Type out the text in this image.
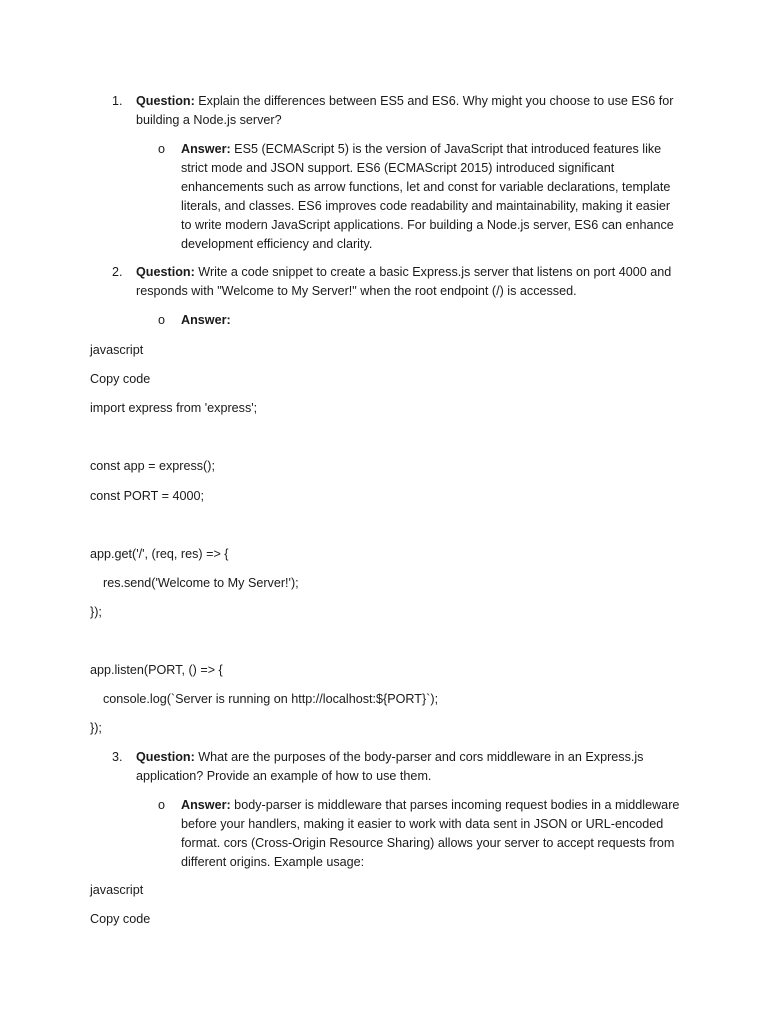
1.	Question: Explain the differences between ES5 and ES6. Why might you choose to use ES6 for building a Node.js server?
o	Answer: ES5 (ECMAScript 5) is the version of JavaScript that introduced features like strict mode and JSON support. ES6 (ECMAScript 2015) introduced significant enhancements such as arrow functions, let and const for variable declarations, template literals, and classes. ES6 improves code readability and maintainability, making it easier to write modern JavaScript applications. For building a Node.js server, ES6 can enhance development efficiency and clarity.
2.	Question: Write a code snippet to create a basic Express.js server that listens on port 4000 and responds with "Welcome to My Server!" when the root endpoint (/) is accessed.
o	Answer:
javascript
Copy code
import express from 'express';
const app = express();
const PORT = 4000;
app.get('/', (req, res) => {
res.send('Welcome to My Server!');
});
app.listen(PORT, () => {
console.log(`Server is running on http://localhost:${PORT}`);
});
3.	Question: What are the purposes of the body-parser and cors middleware in an Express.js application? Provide an example of how to use them.
o	Answer: body-parser is middleware that parses incoming request bodies in a middleware before your handlers, making it easier to work with data sent in JSON or URL-encoded format. cors (Cross-Origin Resource Sharing) allows your server to accept requests from different origins. Example usage:
javascript
Copy code
